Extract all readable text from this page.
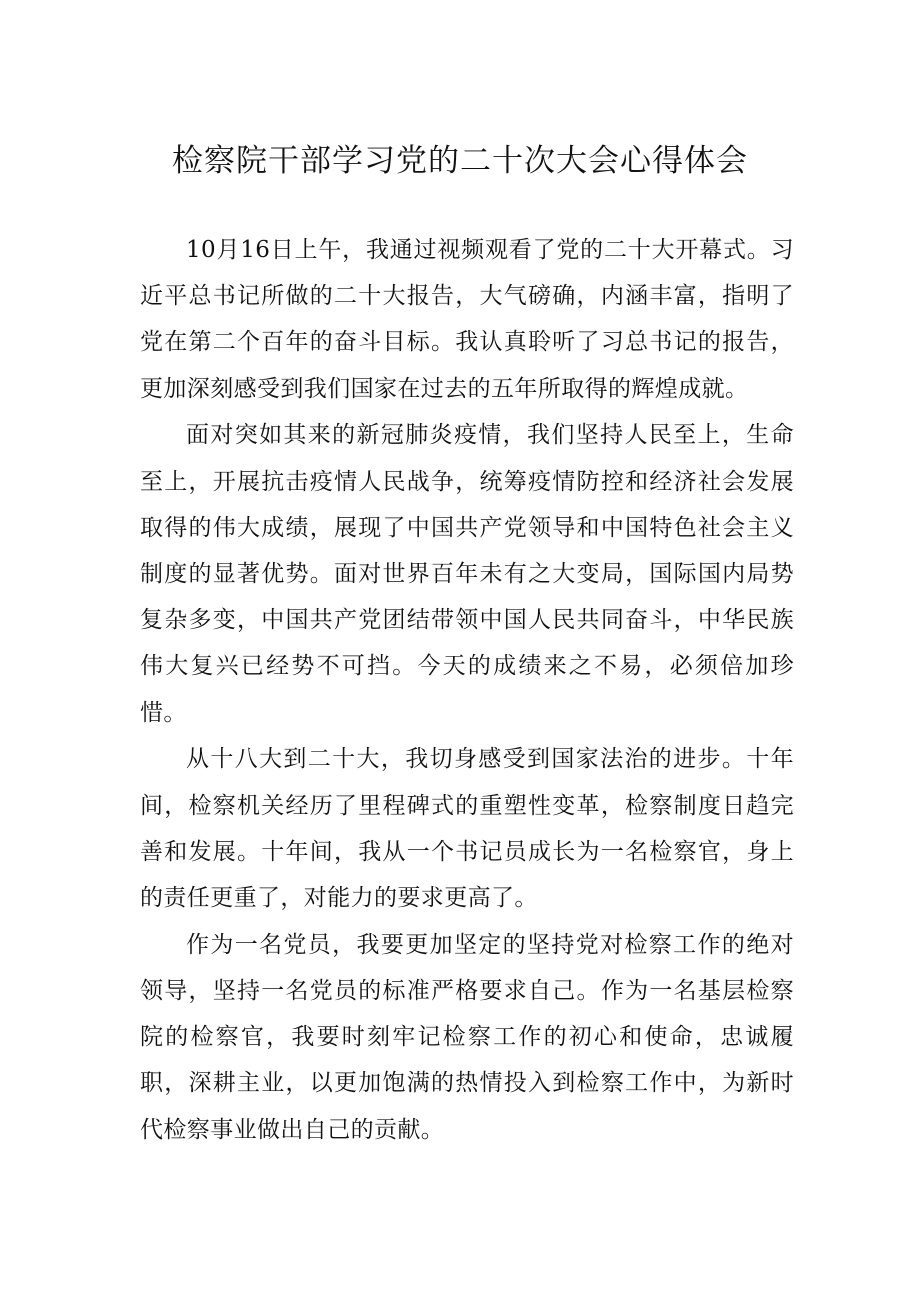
检察院干部学习党的二十次大会心得体会

10月16日上午，我通过视频观看了党的二十大开幕式。习近平总书记所做的二十大报告，大气磅确，内涵丰富，指明了党在第二个百年的奋斗目标。我认真聆听了习总书记的报告，更加深刻感受到我们国家在过去的五年所取得的辉煌成就。

面对突如其来的新冠肺炎疫情，我们坚持人民至上，生命至上，开展抗击疫情人民战争，统筹疫情防控和经济社会发展取得的伟大成绩，展现了中国共产党领导和中国特色社会主义制度的显著优势。面对世界百年未有之大变局，国际国内局势复杂多变，中国共产党团结带领中国人民共同奋斗，中华民族伟大复兴已经势不可挡。今天的成绩来之不易，必须倍加珍惜。

从十八大到二十大，我切身感受到国家法治的进步。十年间，检察机关经历了里程碑式的重塑性变革，检察制度日趋完善和发展。十年间，我从一个书记员成长为一名检察官，身上的责任更重了，对能力的要求更高了。

作为一名党员，我要更加坚定的坚持党对检察工作的绝对领导，坚持一名党员的标准严格要求自己。作为一名基层检察院的检察官，我要时刻牢记检察工作的初心和使命，忠诚履职，深耕主业，以更加饱满的热情投入到检察工作中，为新时代检察事业做出自己的贡献。
